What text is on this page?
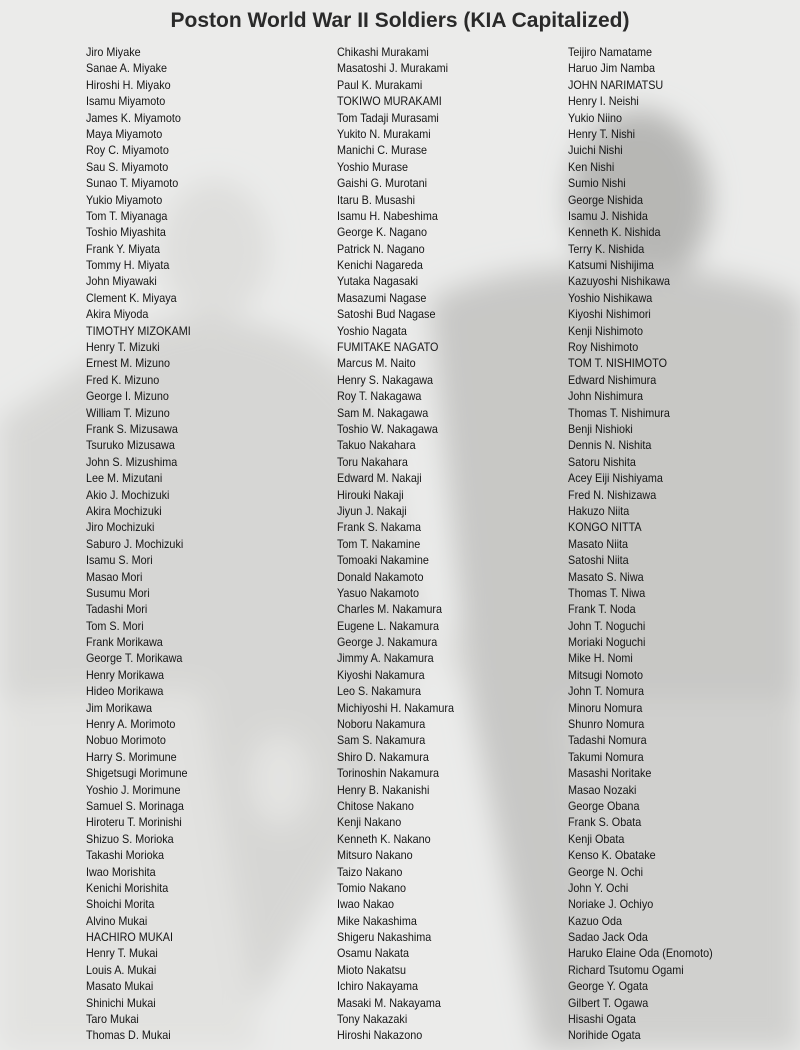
Poston World War II Soldiers (KIA Capitalized)
Jiro Miyake
Sanae A. Miyake
Hiroshi H. Miyako
Isamu Miyamoto
James K. Miyamoto
Maya Miyamoto
Roy C. Miyamoto
Sau S. Miyamoto
Sunao T. Miyamoto
Yukio Miyamoto
Tom T. Miyanaga
Toshio Miyashita
Frank Y. Miyata
Tommy H. Miyata
John Miyawaki
Clement K. Miyaya
Akira Miyoda
TIMOTHY MIZOKAMI
Henry T. Mizuki
Ernest M. Mizuno
Fred K. Mizuno
George I. Mizuno
William T. Mizuno
Frank S. Mizusawa
Tsuruko Mizusawa
John S. Mizushima
Lee M. Mizutani
Akio J. Mochizuki
Akira Mochizuki
Jiro Mochizuki
Saburo J. Mochizuki
Isamu S. Mori
Masao Mori
Susumu Mori
Tadashi Mori
Tom S. Mori
Frank Morikawa
George T. Morikawa
Henry Morikawa
Hideo Morikawa
Jim Morikawa
Henry A. Morimoto
Nobuo Morimoto
Harry S. Morimune
Shigetsugi Morimune
Yoshio J. Morimune
Samuel S. Morinaga
Hiroteru T. Morinishi
Shizuo S. Morioka
Takashi Morioka
Iwao Morishita
Kenichi Morishita
Shoichi Morita
Alvino Mukai
HACHIRO MUKAI
Henry T. Mukai
Louis A. Mukai
Masato Mukai
Shinichi Mukai
Taro Mukai
Thomas D. Mukai
Chikashi Murakami
Masatoshi J. Murakami
Paul K. Murakami
TOKIWO MURAKAMI
Tom Tadaji Murasami
Yukito N. Murakami
Manichi C. Murase
Yoshio Murase
Gaishi G. Murotani
Itaru B. Musashi
Isamu H. Nabeshima
George K. Nagano
Patrick N. Nagano
Kenichi Nagareda
Yutaka Nagasaki
Masazumi Nagase
Satoshi Bud Nagase
Yoshio Nagata
FUMITAKE NAGATO
Marcus M. Naito
Henry S. Nakagawa
Roy T. Nakagawa
Sam M. Nakagawa
Toshio W. Nakagawa
Takuo Nakahara
Toru Nakahara
Edward M. Nakaji
Hirouki Nakaji
Jiyun J. Nakaji
Frank S. Nakama
Tom T. Nakamine
Tomoaki Nakamine
Donald Nakamoto
Yasuo Nakamoto
Charles M. Nakamura
Eugene L. Nakamura
George J. Nakamura
Jimmy A. Nakamura
Kiyoshi Nakamura
Leo S. Nakamura
Michiyoshi H. Nakamura
Noboru Nakamura
Sam S. Nakamura
Shiro D. Nakamura
Torinoshin Nakamura
Henry B. Nakanishi
Chitose Nakano
Kenji Nakano
Kenneth K. Nakano
Mitsuro Nakano
Taizo Nakano
Tomio Nakano
Iwao Nakao
Mike Nakashima
Shigeru Nakashima
Osamu Nakata
Mioto Nakatsu
Ichiro Nakayama
Masaki M. Nakayama
Tony Nakazaki
Hiroshi Nakazono
Teijiro Namatame
Haruo Jim Namba
JOHN NARIMATSU
Henry I. Neishi
Yukio Niino
Henry T. Nishi
Juichi Nishi
Ken Nishi
Sumio Nishi
George Nishida
Isamu J. Nishida
Kenneth K. Nishida
Terry K. Nishida
Katsumi Nishijima
Kazuyoshi Nishikawa
Yoshio Nishikawa
Kiyoshi Nishimori
Kenji Nishimoto
Roy Nishimoto
TOM T. NISHIMOTO
Edward Nishimura
John Nishimura
Thomas T. Nishimura
Benji Nishioki
Dennis N. Nishita
Satoru Nishita
Acey Eiji Nishiyama
Fred N. Nishizawa
Hakuzo Niita
KONGO NITTA
Masato Niita
Satoshi Niita
Masato S. Niwa
Thomas T. Niwa
Frank T. Noda
John T. Noguchi
Moriaki Noguchi
Mike H. Nomi
Mitsugi Nomoto
John T. Nomura
Minoru Nomura
Shunro Nomura
Tadashi Nomura
Takumi Nomura
Masashi Noritake
Masao Nozaki
George Obana
Frank S. Obata
Kenji Obata
Kenso K. Obatake
George N. Ochi
John Y. Ochi
Noriake J. Ochiyo
Kazuo Oda
Sadao Jack Oda
Haruko Elaine Oda (Enomoto)
Richard Tsutomu Ogami
George Y. Ogata
Gilbert T. Ogawa
Hisashi Ogata
Norihide Ogata
